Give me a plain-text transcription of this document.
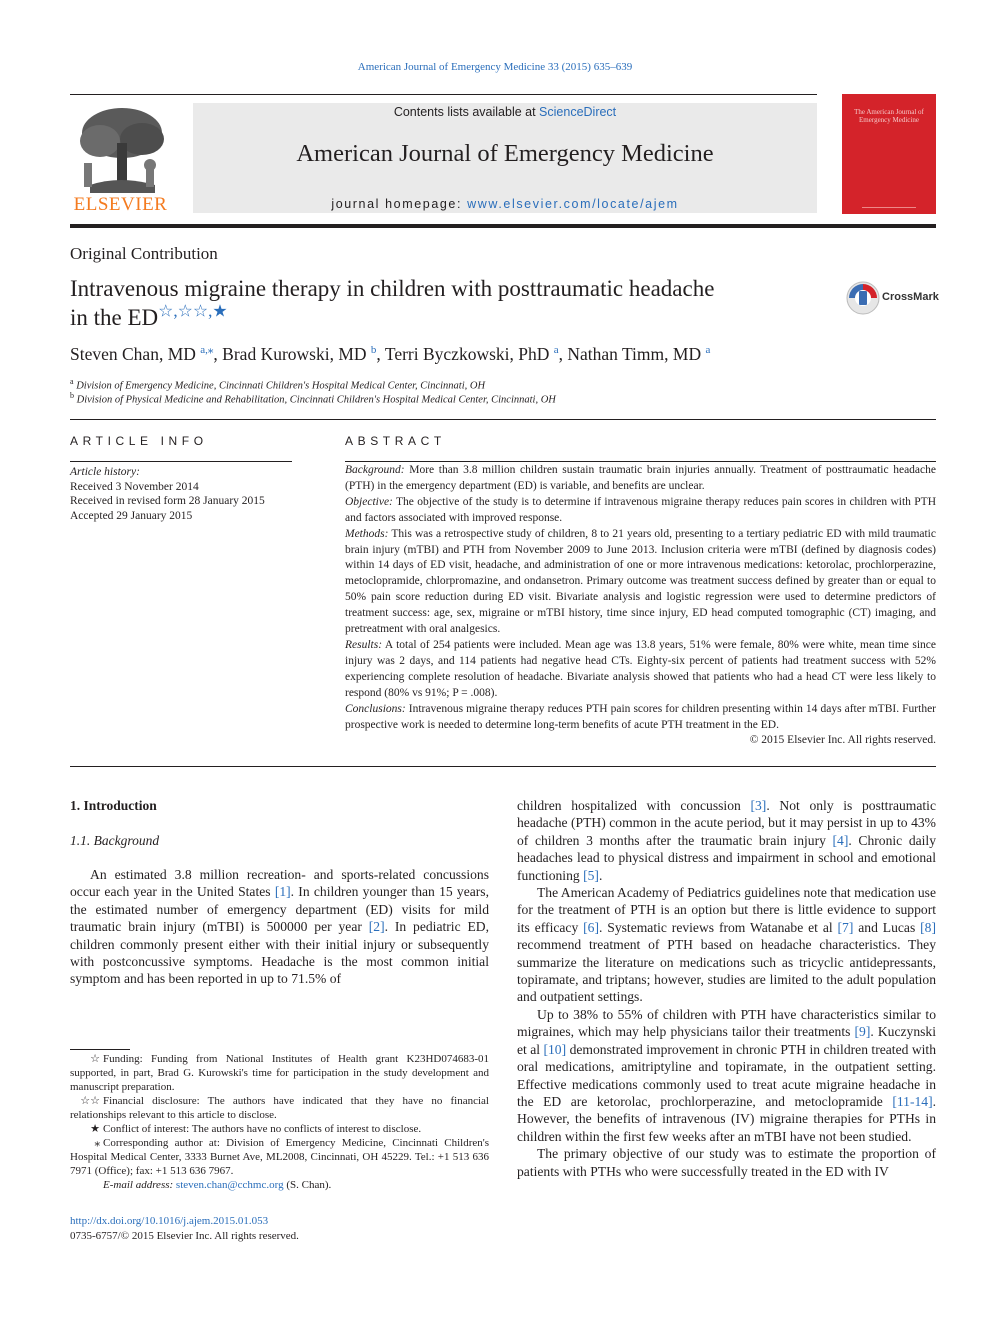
American Journal of Emergency Medicine 33 (2015) 635–639
ELSEVIER
Contents lists available at ScienceDirect
American Journal of Emergency Medicine
journal homepage: www.elsevier.com/locate/ajem
The American Journal of Emergency Medicine
Original Contribution
Intravenous migraine therapy in children with posttraumatic headache
in the ED☆,☆☆,★
CrossMark
Steven Chan, MD $^{a,⁎}$, Brad Kurowski, MD $^b$, Terri Byczkowski, PhD $^a$, Nathan Timm, MD $^a$
$^a$ Division of Emergency Medicine, Cincinnati Children's Hospital Medical Center, Cincinnati, OH
$^b$ Division of Physical Medicine and Rehabilitation, Cincinnati Children's Hospital Medical Center, Cincinnati, OH
ARTICLE INFO
Article history:
Received 3 November 2014
Received in revised form 28 January 2015
Accepted 29 January 2015
ABSTRACT

Background: More than 3.8 million children sustain traumatic brain injuries annually. Treatment of posttraumatic headache (PTH) in the emergency department (ED) is variable, and benefits are unclear.

Objective: The objective of the study is to determine if intravenous migraine therapy reduces pain scores in children with PTH and factors associated with improved response.

Methods: This was a retrospective study of children, 8 to 21 years old, presenting to a tertiary pediatric ED with mild traumatic brain injury (mTBI) and PTH from November 2009 to June 2013. Inclusion criteria were mTBI (defined by diagnosis codes) within 14 days of ED visit, headache, and administration of one or more intravenous medications: ketorolac, prochlorperazine, metoclopramide, chlorpromazine, and ondansetron. Primary outcome was treatment success defined by greater than or equal to 50% pain score reduction during ED visit. Bivariate analysis and logistic regression were used to determine predictors of treatment success: age, sex, migraine or mTBI history, time since injury, ED head computed tomographic (CT) imaging, and pretreatment with oral analgesics.

Results: A total of 254 patients were included. Mean age was 13.8 years, 51% were female, 80% were white, mean time since injury was 2 days, and 114 patients had negative head CTs. Eighty-six percent of patients had treatment success with 52% experiencing complete resolution of headache. Bivariate analysis showed that patients who had a head CT were less likely to respond (80% vs 91%; P = .008).

Conclusions: Intravenous migraine therapy reduces PTH pain scores for children presenting within 14 days after mTBI. Further prospective work is needed to determine long-term benefits of acute PTH treatment in the ED.

© 2015 Elsevier Inc. All rights reserved.

1. Introduction
1.1. Background

An estimated 3.8 million recreation- and sports-related concussions occur each year in the United States [1]. In children younger than 15 years, the estimated number of emergency department (ED) visits for mild traumatic brain injury (mTBI) is 500000 per year [2]. In pediatric ED, children commonly present either with their initial injury or subsequently with postconcussive symptoms. Headache is the most common initial symptom and has been reported in up to 71.5% of

children hospitalized with concussion [3]. Not only is posttraumatic headache (PTH) common in the acute period, but it may persist in up to 43% of children 3 months after the traumatic brain injury [4]. Chronic daily headaches lead to physical distress and impairment in school and emotional functioning [5].

The American Academy of Pediatrics guidelines note that medication use for the treatment of PTH is an option but there is little evidence to support its efficacy [6]. Systematic reviews from Watanabe et al [7] and Lucas [8] recommend treatment of PTH based on headache characteristics. They summarize the literature on medications such as tricyclic antidepressants, topiramate, and triptans; however, studies are limited to the adult population and outpatient settings.

Up to 38% to 55% of children with PTH have characteristics similar to migraines, which may help physicians tailor their treatments [9]. Kuczynski et al [10] demonstrated improvement in chronic PTH in children treated with oral medications, amitriptyline and topiramate, in the outpatient setting. Effective medications commonly used to treat acute migraine headache in the ED are ketorolac, prochlorperazine, and metoclopramide [11-14]. However, the benefits of intravenous (IV) migraine therapies for PTHs in children within the first few weeks after an mTBI have not been studied.

The primary objective of our study was to estimate the proportion of patients with PTHs who were successfully treated in the ED with IV

☆ Funding: Funding from National Institutes of Health grant K23HD074683-01 supported, in part, Brad G. Kurowski's time for participation in the study development and manuscript preparation.

☆☆ Financial disclosure: The authors have indicated that they have no financial relationships relevant to this article to disclose.

★ Conflict of interest: The authors have no conflicts of interest to disclose.

⁎ Corresponding author at: Division of Emergency Medicine, Cincinnati Children's Hospital Medical Center, 3333 Burnet Ave, ML2008, Cincinnati, OH 45229. Tel.: +1 513 636 7971 (Office); fax: +1 513 636 7967.

E-mail address: steven.chan@cchmc.org (S. Chan).

http://dx.doi.org/10.1016/j.ajem.2015.01.053
0735-6757/© 2015 Elsevier Inc. All rights reserved.
